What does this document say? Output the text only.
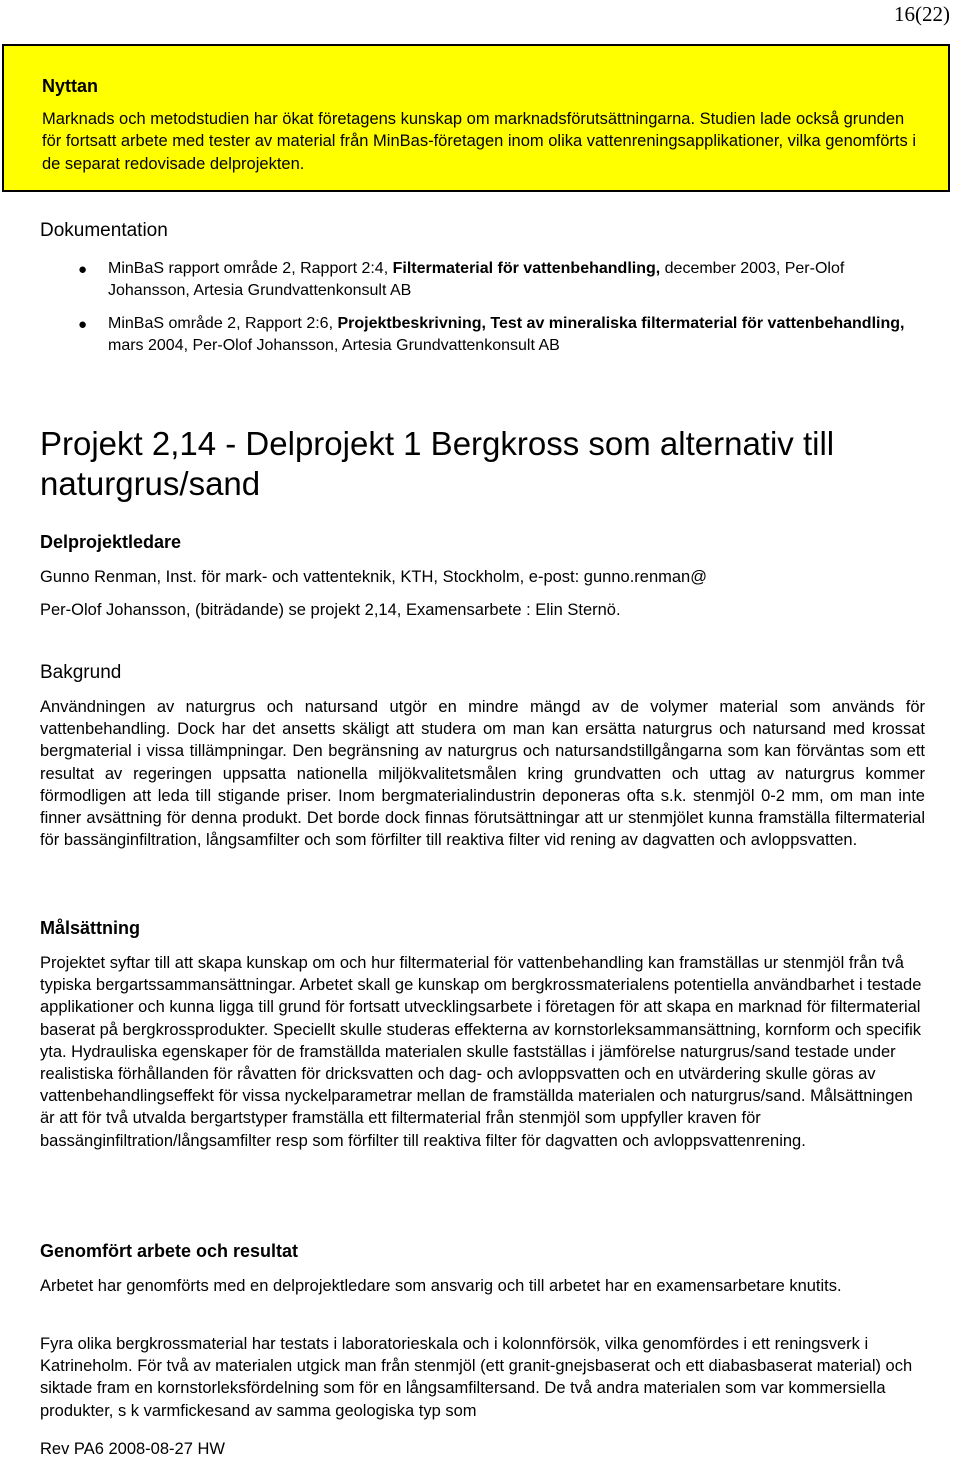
16(22)
Nyttan
Marknads och metodstudien har ökat företagens kunskap om marknadsförutsättningarna. Studien lade också grunden för fortsatt arbete med tester av material från MinBas-företagen inom olika vattenreningsapplikationer, vilka genomförts i de separat redovisade delprojekten.
Dokumentation
● MinBaS rapport område 2, Rapport 2:4, Filtermaterial för vattenbehandling, december 2003, Per-Olof Johansson, Artesia Grundvattenkonsult AB
● MinBaS område 2, Rapport 2:6, Projektbeskrivning, Test av mineraliska filtermaterial för vattenbehandling, mars 2004, Per-Olof Johansson, Artesia Grundvattenkonsult AB
Projekt 2,14 - Delprojekt 1 Bergkross som alternativ till naturgrus/sand
Delprojektledare
Gunno Renman, Inst. för mark- och vattenteknik, KTH, Stockholm, e-post: gunno.renman@
Per-Olof Johansson, (biträdande) se projekt 2,14, Examensarbete : Elin Sternö.
Bakgrund
Användningen av naturgrus och natursand utgör en mindre mängd av de volymer material som används för vattenbehandling. Dock har det ansetts skäligt att studera om man kan ersätta naturgrus och natursand med krossat bergmaterial i vissa tillämpningar. Den begränsning av naturgrus och natursandstillgångarna som kan förväntas som ett resultat av regeringen uppsatta nationella miljökvalitetsmålen kring grundvatten och uttag av naturgrus kommer förmodligen att leda till stigande priser. Inom bergmaterialindustrin deponeras ofta s.k. stenmjöl 0-2 mm, om man inte finner avsättning för denna produkt. Det borde dock finnas förutsättningar att ur stenmjölet kunna framställa filtermaterial för bassänginfiltration, långsamfilter och som förfilter till reaktiva filter vid rening av dagvatten och avloppsvatten.
Målsättning
Projektet syftar till att skapa kunskap om och hur filtermaterial för vattenbehandling kan framställas ur stenmjöl från två typiska bergartssammansättningar. Arbetet skall ge kunskap om bergkrossmaterialens potentiella användbarhet i testade applikationer och kunna ligga till grund för fortsatt utvecklingsarbete i företagen för att skapa en marknad för filtermaterial baserat på bergkrossprodukter. Speciellt skulle studeras effekterna av kornstorleksammansättning, kornform och specifik yta. Hydrauliska egenskaper för de framställda materialen skulle fastställas i jämförelse naturgrus/sand testade under realistiska förhållanden för råvatten för dricksvatten och dag- och avloppsvatten och en utvärdering skulle göras av vattenbehandlingseffekt för vissa nyckelparametrar mellan de framställda materialen och naturgrus/sand. Målsättningen är att för två utvalda bergartstyper framställa ett filtermaterial från stenmjöl som uppfyller kraven för bassänginfiltration/långsamfilter resp som förfilter till reaktiva filter för dagvatten och avloppsvattenrening.
Genomfört arbete och resultat
Arbetet har genomförts med en delprojektledare som ansvarig och till arbetet har en examensarbetare knutits.
Fyra olika bergkrossmaterial har testats i laboratorieskala och i kolonnförsök, vilka genomfördes i ett reningsverk i Katrineholm. För två av materialen utgick man från stenmjöl (ett granit-gnejsbaserat och ett diabasbaserat material) och siktade fram en kornstorleksfördelning som för en långsamfiltersand. De två andra materialen som var kommersiella produkter, s k varmfickesand av samma geologiska typ som
Rev PA6 2008-08-27 HW
